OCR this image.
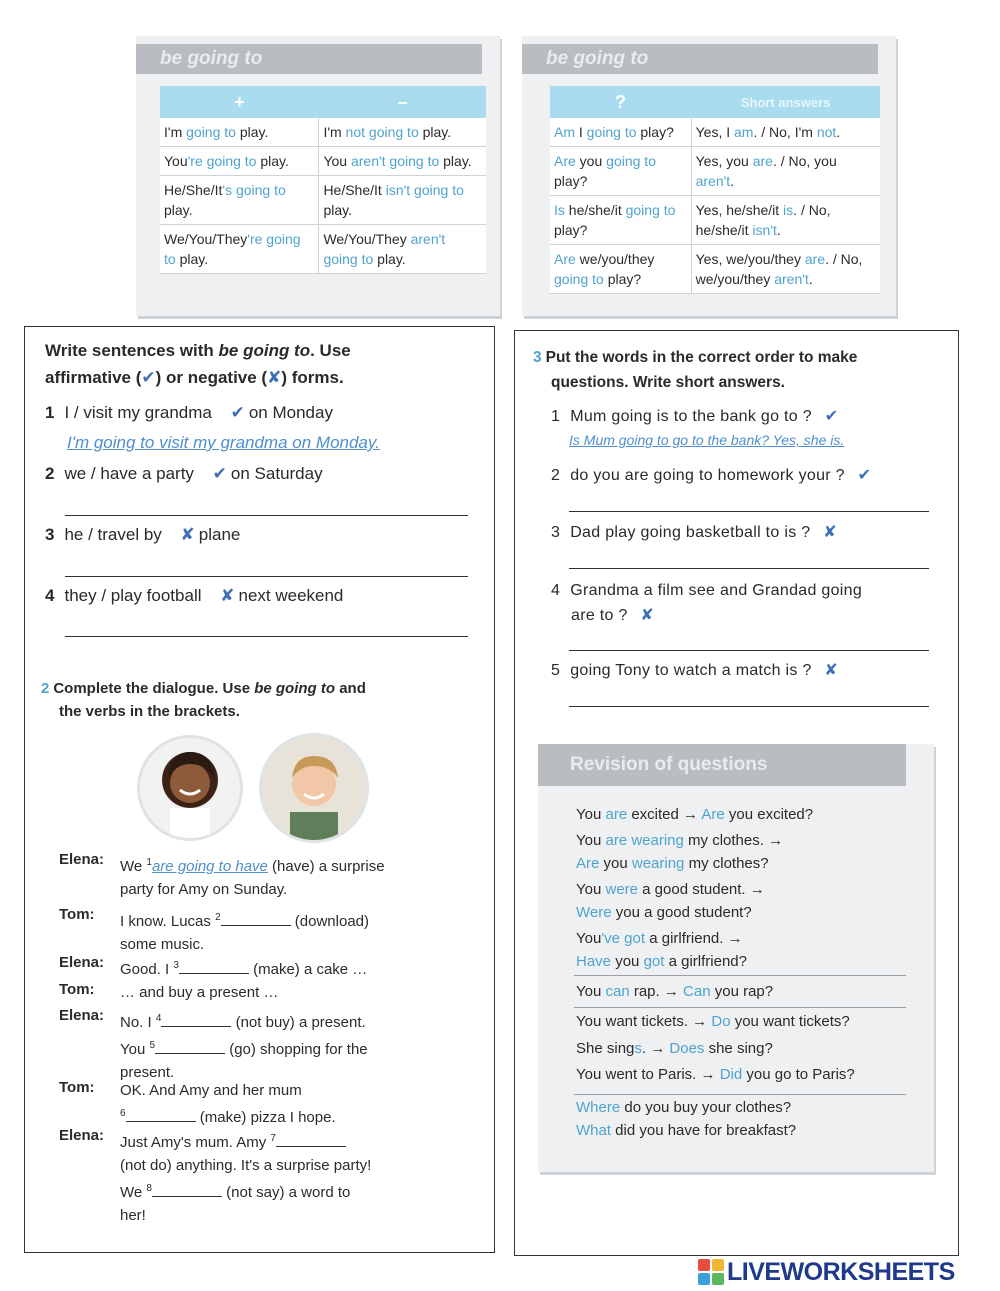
be going to
+	–
I'm going to play.	I'm not going to play.
You're going to play.	You aren't going to play.
He/She/It's going to play.	He/She/It isn't going to play.
We/You/They're going to play.	We/You/They aren't going to play.
be going to
?	Short answers
Am I going to play?	Yes, I am. / No, I'm not.
Are you going to play?	Yes, you are. / No, you aren't.
Is he/she/it going to play?	Yes, he/she/it is. / No, he/she/it isn't.
Are we/you/they going to play?	Yes, we/you/they are. / No, we/you/they aren't.
Write sentences with be going to. Use
affirmative (✔) or negative (✘) forms.
1 I / visit my grandma ✔ on Monday
I'm going to visit my grandma on Monday.
2 we / have a party ✔ on Saturday
3 he / travel by ✘ plane
4 they / play football ✘ next weekend
2 Complete the dialogue. Use be going to and
the verbs in the brackets.
Elena: We $^1$are going to have (have) a surprise
party for Amy on Sunday.
Tom: I know. Lucas $^2$	(download)
some music.
Elena: Good. I $^3$	(make) a cake …
Tom: … and buy a present …
Elena: No. I $^4$	(not buy) a present.
You $^5$	(go) shopping for the
present.
Tom: OK. And Amy and her mum
$^6$	(make) pizza I hope.
Elena: Just Amy's mum. Amy $^7$
(not do) anything. It's a surprise party!
We $^8$	(not say) a word to
her!
3 Put the words in the correct order to make
questions. Write short answers.
1 Mum going is to the bank go to ? ✔
Is Mum going to go to the bank? Yes, she is.
2 do you are going to homework your ? ✔
3 Dad play going basketball to is ? ✘
4 Grandma a film see and Grandad going
are to ? ✘
5 going Tony to watch a match is ? ✘
Revision of questions
You are excited → Are you excited?
You are wearing my clothes. →
Are you wearing my clothes?
You were a good student. →
Were you a good student?
You've got a girlfriend. →
Have you got a girlfriend?
You can rap. → Can you rap?
You want tickets. → Do you want tickets?
She sings. → Does she sing?
You went to Paris. → Did you go to Paris?
Where do you buy your clothes?
What did you have for breakfast?
LIVEWORKSHEETS
